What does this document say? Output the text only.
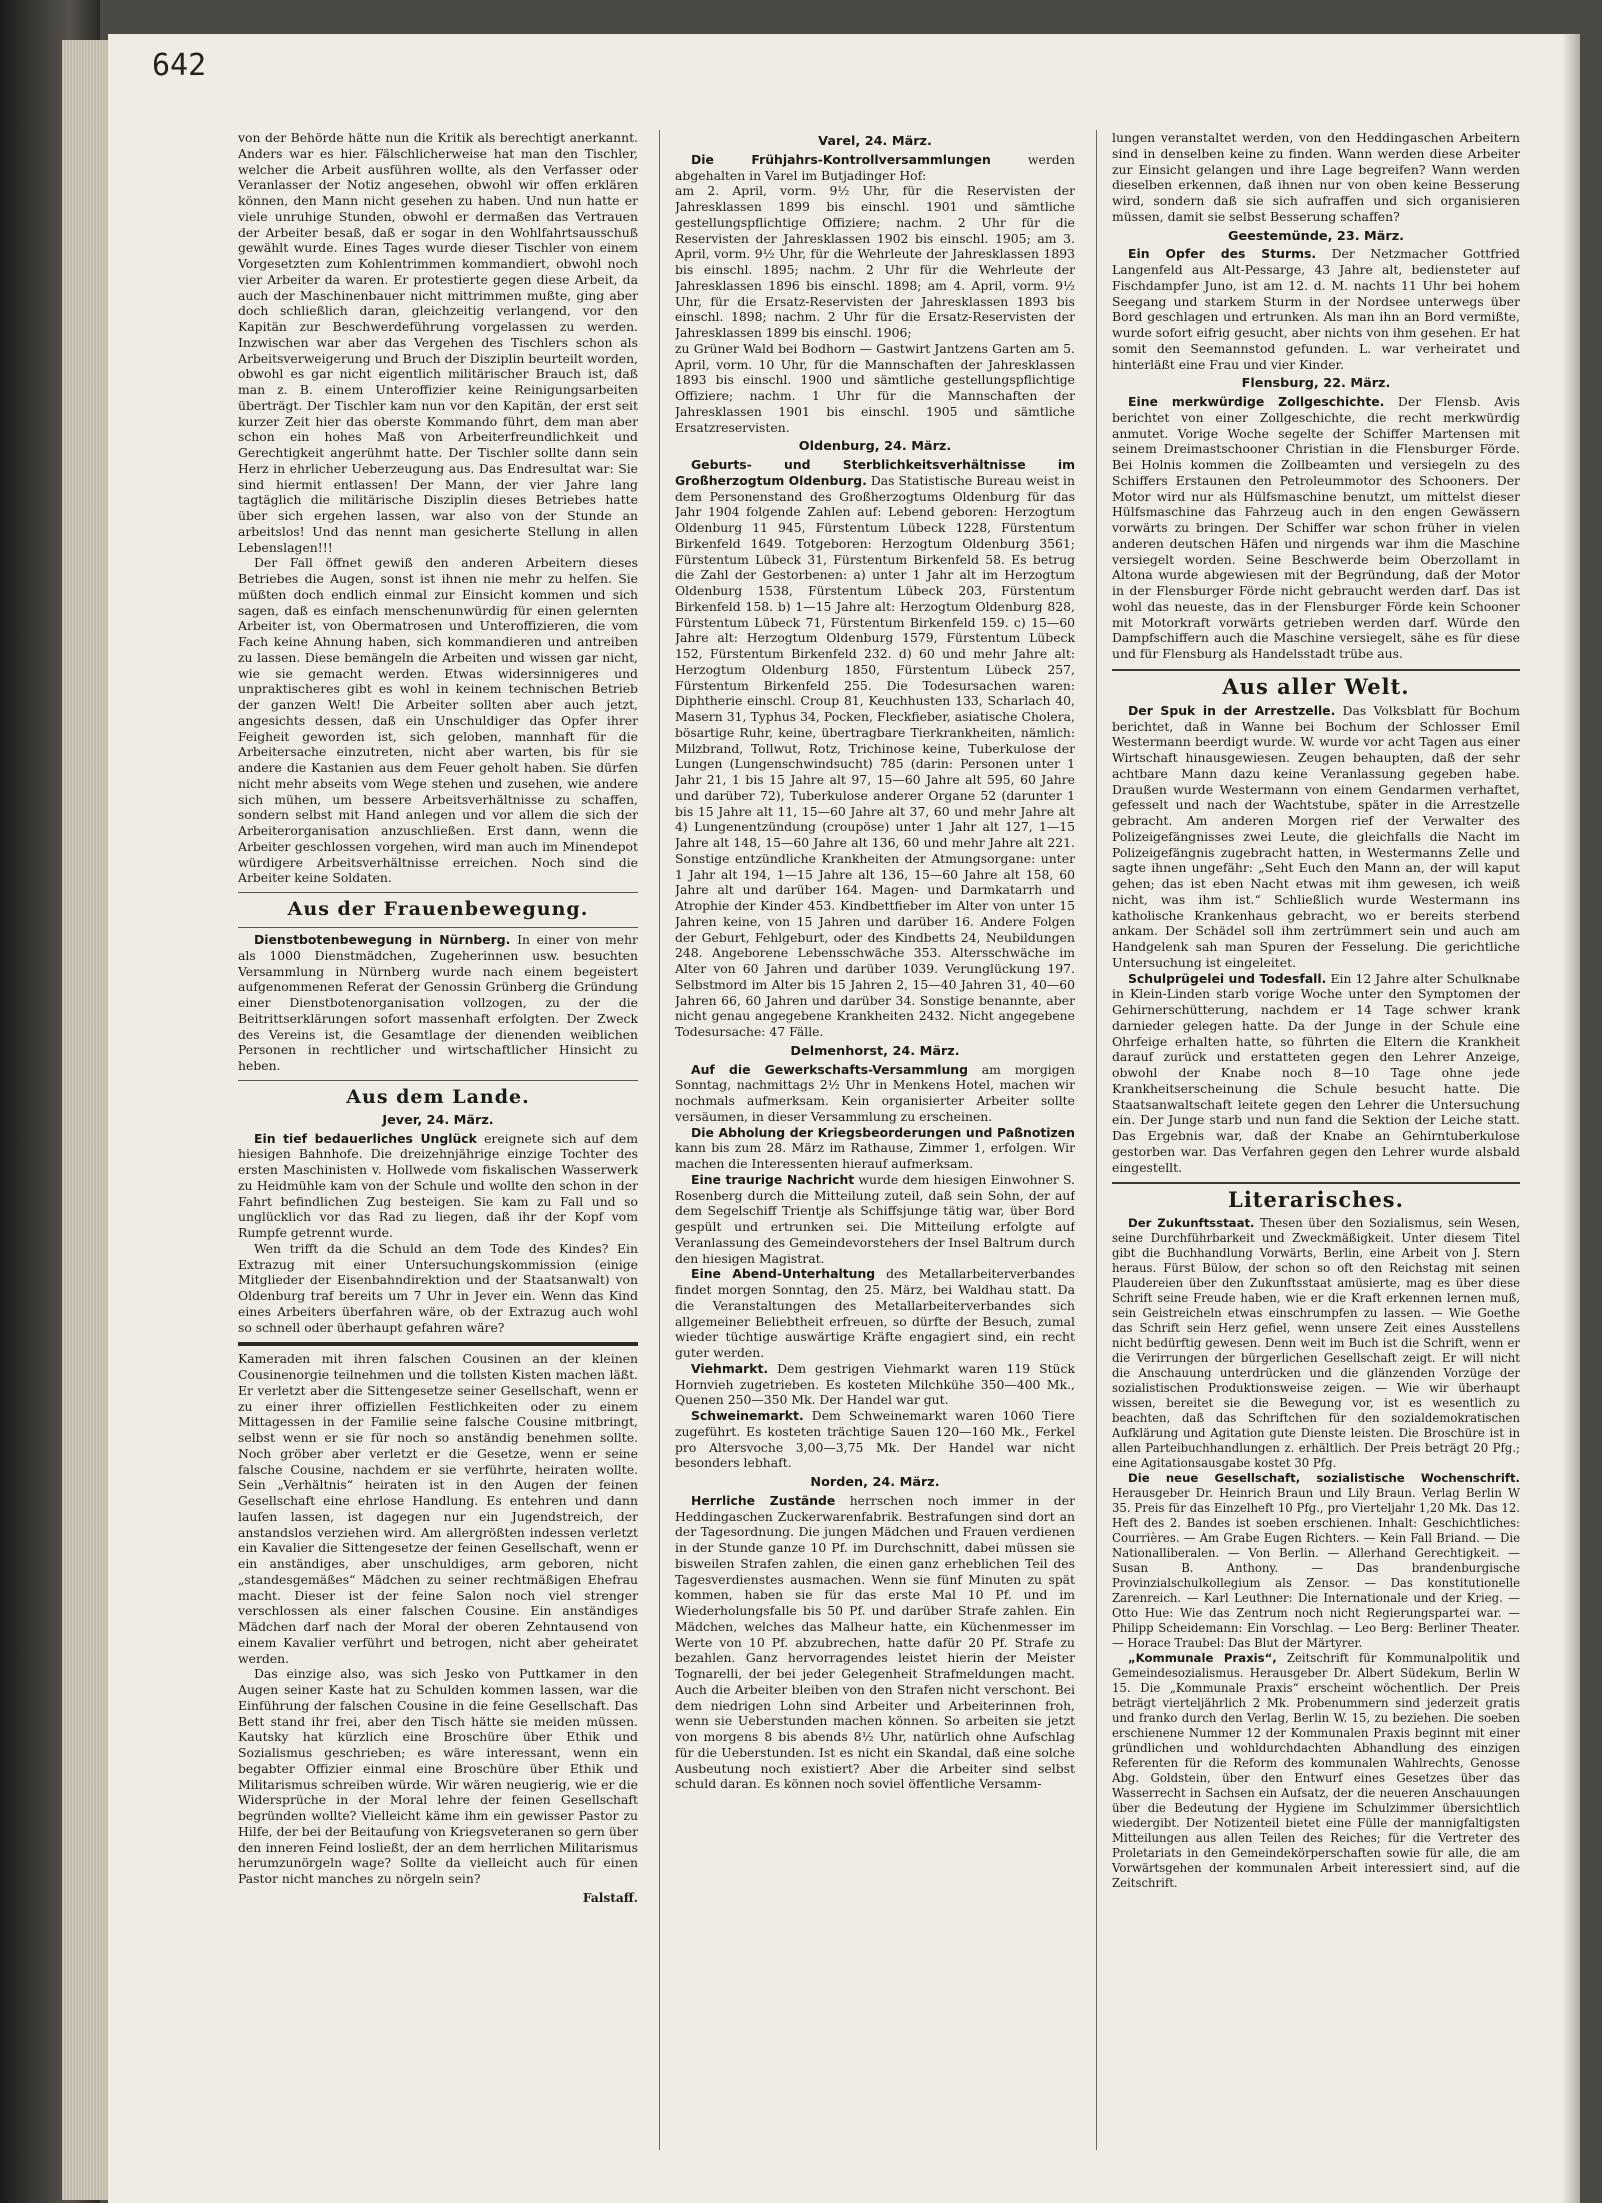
642

von der Behörde hätte nun die Kritik als berechtigt anerkannt. Anders war es hier. Fälschlicherweise hat man den Tischler, welcher die Arbeit ausführen wollte, als den Verfasser oder Veranlasser der Notiz angesehen, obwohl wir offen erklären können, den Mann nicht gesehen zu haben. Und nun hatte er viele unruhige Stunden, obwohl er dermaßen das Vertrauen der Arbeiter besaß, daß er sogar in den Wohlfahrtsausschuß gewählt wurde. Eines Tages wurde dieser Tischler von einem Vorgesetzten zum Kohlentrimmen kommandiert, obwohl noch vier Arbeiter da waren. Er protestierte gegen diese Arbeit, da auch der Maschinenbauer nicht mittrimmen mußte, ging aber doch schließlich daran, gleichzeitig verlangend, vor den Kapitän zur Beschwerdeführung vorgelassen zu werden. Inzwischen war aber das Vergehen des Tischlers schon als Arbeitsverweigerung und Bruch der Disziplin beurteilt worden, obwohl es gar nicht eigentlich militärischer Brauch ist, daß man z. B. einem Unteroffizier keine Reinigungsarbeiten überträgt. Der Tischler kam nun vor den Kapitän, der erst seit kurzer Zeit hier das oberste Kommando führt, dem man aber schon ein hohes Maß von Arbeiterfreundlichkeit und Gerechtigkeit angerühmt hatte. Der Tischler sollte dann sein Herz in ehrlicher Ueberzeugung aus. Das Endresultat war: Sie sind hiermit entlassen! Der Mann, der vier Jahre lang tagtäglich die militärische Disziplin dieses Betriebes hatte über sich ergehen lassen, war also von der Stunde an arbeitslos! Und das nennt man gesicherte Stellung in allen Lebenslagen!!!

Der Fall öffnet gewiß den anderen Arbeitern dieses Betriebes die Augen, sonst ist ihnen nie mehr zu helfen. Sie müßten doch endlich einmal zur Einsicht kommen und sich sagen, daß es einfach menschenunwürdig für einen gelernten Arbeiter ist, von Obermatrosen und Unteroffizieren, die vom Fach keine Ahnung haben, sich kommandieren und antreiben zu lassen. Diese bemängeln die Arbeiten und wissen gar nicht, wie sie gemacht werden. Etwas widersinnigeres und unpraktischeres gibt es wohl in keinem technischen Betrieb der ganzen Welt! Die Arbeiter sollten aber auch jetzt, angesichts dessen, daß ein Unschuldiger das Opfer ihrer Feigheit geworden ist, sich geloben, mannhaft für die Arbeitersache einzutreten, nicht aber warten, bis für sie andere die Kastanien aus dem Feuer geholt haben. Sie dürfen nicht mehr abseits vom Wege stehen und zusehen, wie andere sich mühen, um bessere Arbeitsverhältnisse zu schaffen, sondern selbst mit Hand anlegen und vor allem die sich der Arbeiterorganisation anzuschließen. Erst dann, wenn die Arbeiter geschlossen vorgehen, wird man auch im Minendepot würdigere Arbeitsverhältnisse erreichen. Noch sind die Arbeiter keine Soldaten.

Aus der Frauenbewegung.

Dienstbotenbewegung in Nürnberg. In einer von mehr als 1000 Dienstmädchen, Zugeherinnen usw. besuchten Versammlung in Nürnberg wurde nach einem begeistert aufgenommenen Referat der Genossin Grünberg die Gründung einer Dienstbotenorganisation vollzogen, zu der die Beitrittserklärungen sofort massenhaft erfolgten. Der Zweck des Vereins ist, die Gesamtlage der dienenden weiblichen Personen in rechtlicher und wirtschaftlicher Hinsicht zu heben.

Aus dem Lande.
Jever, 24. März.

Ein tief bedauerliches Unglück ereignete sich auf dem hiesigen Bahnhofe. Die dreizehnjährige einzige Tochter des ersten Maschinisten v. Hollwede vom fiskalischen Wasserwerk zu Heidmühle kam von der Schule und wollte den schon in der Fahrt befindlichen Zug besteigen. Sie kam zu Fall und so unglücklich vor das Rad zu liegen, daß ihr der Kopf vom Rumpfe getrennt wurde.

Wen trifft da die Schuld an dem Tode des Kindes? Ein Extrazug mit einer Untersuchungskommission (einige Mitglieder der Eisenbahndirektion und der Staatsanwalt) von Oldenburg traf bereits um 7 Uhr in Jever ein. Wenn das Kind eines Arbeiters überfahren wäre, ob der Extrazug auch wohl so schnell oder überhaupt gefahren wäre?

Kameraden mit ihren falschen Cousinen an der kleinen Cousinenorgie teilnehmen und die tollsten Kisten machen läßt. Er verletzt aber die Sittengesetze seiner Gesellschaft, wenn er zu einer ihrer offiziellen Festlichkeiten oder zu einem Mittagessen in der Familie seine falsche Cousine mitbringt, selbst wenn er sie für noch so anständig benehmen sollte. Noch gröber aber verletzt er die Gesetze, wenn er seine falsche Cousine, nachdem er sie verführte, heiraten wollte. Sein „Verhältnis“ heiraten ist in den Augen der feinen Gesellschaft eine ehrlose Handlung. Es entehren und dann laufen lassen, ist dagegen nur ein Jugendstreich, der anstandslos verziehen wird. Am allergrößten indessen verletzt ein Kavalier die Sittengesetze der feinen Gesellschaft, wenn er ein anständiges, aber unschuldiges, arm geboren, nicht „standesgemäßes“ Mädchen zu seiner rechtmäßigen Ehefrau macht. Dieser ist der feine Salon noch viel strenger verschlossen als einer falschen Cousine. Ein anständiges Mädchen darf nach der Moral der oberen Zehntausend von einem Kavalier verführt und betrogen, nicht aber geheiratet werden.

Das einzige also, was sich Jesko von Puttkamer in den Augen seiner Kaste hat zu Schulden kommen lassen, war die Einführung der falschen Cousine in die feine Gesellschaft. Das Bett stand ihr frei, aber den Tisch hätte sie meiden müssen. Kautsky hat kürzlich eine Broschüre über Ethik und Sozialismus geschrieben; es wäre interessant, wenn ein begabter Offizier einmal eine Broschüre über Ethik und Militarismus schreiben würde. Wir wären neugierig, wie er die Widersprüche in der Moral lehre der feinen Gesellschaft begründen wollte? Vielleicht käme ihm ein gewisser Pastor zu Hilfe, der bei der Beitaufung von Kriegsveteranen so gern über den inneren Feind losließt, der an dem herrlichen Militarismus herumzunörgeln wage? Sollte da vielleicht auch für einen Pastor nicht manches zu nörgeln sein?

Falstaff.
Varel, 24. März.

Die Frühjahrs-Kontrollversammlungen	werden abgehalten in Varel im Butjadinger Hof:

am 2. April, vorm. 9½ Uhr, für die Reservisten der Jahresklassen 1899 bis einschl. 1901 und sämtliche gestellungspflichtige Offiziere; nachm. 2 Uhr für die Reservisten der Jahresklassen 1902 bis einschl. 1905; am 3. April, vorm. 9½ Uhr, für die Wehrleute der Jahresklassen 1893 bis einschl. 1895; nachm. 2 Uhr für die Wehrleute der Jahresklassen 1896 bis einschl. 1898; am 4. April, vorm. 9½ Uhr, für die Ersatz-Reservisten der Jahresklassen 1893 bis einschl. 1898; nachm. 2 Uhr für die Ersatz-Reservisten der Jahresklassen 1899 bis einschl. 1906;

zu Grüner Wald bei Bodhorn — Gastwirt Jantzens Garten am 5. April, vorm. 10 Uhr, für die Mannschaften der Jahresklassen 1893 bis einschl. 1900 und sämtliche gestellungspflichtige Offiziere; nachm. 1 Uhr für die Mannschaften der Jahresklassen 1901 bis einschl. 1905 und sämtliche Ersatzreservisten.

Oldenburg, 24. März.

Geburts- und Sterblichkeitsverhältnisse im Großherzogtum Oldenburg. Das Statistische Bureau weist in dem Personenstand des Großherzogtums Oldenburg für das Jahr 1904 folgende Zahlen auf: Lebend geboren: Herzogtum Oldenburg 11 945, Fürstentum Lübeck 1228, Fürstentum Birkenfeld 1649. Totgeboren: Herzogtum Oldenburg 3561; Fürstentum Lübeck 31, Fürstentum Birkenfeld 58. Es betrug die Zahl der Gestorbenen: a) unter 1 Jahr alt im Herzogtum Oldenburg 1538, Fürstentum Lübeck 203, Fürstentum Birkenfeld 158. b) 1—15 Jahre alt: Herzogtum Oldenburg 828, Fürstentum Lübeck 71, Fürstentum Birkenfeld 159. c) 15—60 Jahre alt: Herzogtum Oldenburg 1579, Fürstentum Lübeck 152, Fürstentum Birkenfeld 232. d) 60 und mehr Jahre alt: Herzogtum Oldenburg 1850, Fürstentum Lübeck 257, Fürstentum Birkenfeld 255. Die Todesursachen waren: Diphtherie einschl. Croup 81, Keuchhusten 133, Scharlach 40, Masern 31, Typhus 34, Pocken, Fleckfieber, asiatische Cholera, bösartige Ruhr, keine, übertragbare Tierkrankheiten, nämlich: Milzbrand, Tollwut, Rotz, Trichinose keine, Tuberkulose der Lungen (Lungenschwindsucht) 785 (darin: Personen unter 1 Jahr 21, 1 bis 15 Jahre alt 97, 15—60 Jahre alt 595, 60 Jahre und darüber 72), Tuberkulose anderer Organe 52 (darunter 1 bis 15 Jahre alt 11, 15—60 Jahre alt 37, 60 und mehr Jahre alt 4) Lungenentzündung (croupöse) unter 1 Jahr alt 127, 1—15 Jahre alt 148, 15—60 Jahre alt 136, 60 und mehr Jahre alt 221. Sonstige entzündliche Krankheiten der Atmungsorgane: unter 1 Jahr alt 194, 1—15 Jahre alt 136, 15—60 Jahre alt 158, 60 Jahre alt und darüber 164. Magen- und Darmkatarrh und Atrophie der Kinder 453. Kindbettfieber im Alter von unter 15 Jahren keine, von 15 Jahren und darüber 16. Andere Folgen der Geburt, Fehlgeburt, oder des Kindbetts 24, Neubildungen 248. Angeborene Lebensschwäche 353. Altersschwäche im Alter von 60 Jahren und darüber 1039. Verunglückung 197. Selbstmord im Alter bis 15 Jahren 2, 15—40 Jahren 31, 40—60 Jahren 66, 60 Jahren und darüber 34. Sonstige benannte, aber nicht genau angegebene Krankheiten 2432. Nicht angegebene Todesursache: 47 Fälle.

Delmenhorst, 24. März.

Auf die Gewerkschafts-Versammlung am morgigen Sonntag, nachmittags 2½ Uhr in Menkens Hotel, machen wir nochmals aufmerksam. Kein organisierter Arbeiter sollte versäumen, in dieser Versammlung zu erscheinen.

Die Abholung der Kriegsbeorderungen und Paßnotizen kann bis zum 28. März im Rathause, Zimmer 1, erfolgen. Wir machen die Interessenten hierauf aufmerksam.

Eine traurige Nachricht wurde dem hiesigen Einwohner S. Rosenberg durch die Mitteilung zuteil, daß sein Sohn, der auf dem Segelschiff Trientje als Schiffsjunge tätig war, über Bord gespült und ertrunken sei. Die Mitteilung erfolgte auf Veranlassung des Gemeindevorstehers der Insel Baltrum durch den hiesigen Magistrat.

Eine Abend-Unterhaltung des Metallarbeiterverbandes findet morgen Sonntag, den 25. März, bei Waldhau statt. Da die Veranstaltungen des Metallarbeiterverbandes sich allgemeiner Beliebtheit erfreuen, so dürfte der Besuch, zumal wieder tüchtige auswärtige Kräfte engagiert sind, ein recht guter werden.

Viehmarkt. Dem gestrigen Viehmarkt waren 119 Stück Hornvieh zugetrieben. Es kosteten Milchkühe 350—400 Mk., Quenen 250—350 Mk. Der Handel war gut.

Schweinemarkt. Dem Schweinemarkt waren 1060 Tiere zugeführt. Es kosteten trächtige Sauen 120—160 Mk., Ferkel pro Altersvoche 3,00—3,75 Mk. Der Handel war nicht besonders lebhaft.

Norden, 24. März.

Herrliche Zustände herrschen noch immer in der Heddingaschen Zuckerwarenfabrik. Bestrafungen sind dort an der Tagesordnung. Die jungen Mädchen und Frauen verdienen in der Stunde ganze 10 Pf. im Durchschnitt, dabei müssen sie bisweilen Strafen zahlen, die einen ganz erheblichen Teil des Tagesverdienstes ausmachen. Wenn sie fünf Minuten zu spät kommen, haben sie für das erste Mal 10 Pf. und im Wiederholungsfalle bis 50 Pf. und darüber Strafe zahlen. Ein Mädchen, welches das Malheur hatte, ein Küchenmesser im Werte von 10 Pf. abzubrechen, hatte dafür 20 Pf. Strafe zu bezahlen. Ganz hervorragendes leistet hierin der Meister Tognarelli, der bei jeder Gelegenheit Strafmeldungen macht. Auch die Arbeiter bleiben von den Strafen nicht verschont. Bei dem niedrigen Lohn sind Arbeiter und Arbeiterinnen froh, wenn sie Ueberstunden machen können. So arbeiten sie jetzt von morgens 8 bis abends 8½ Uhr, natürlich ohne Aufschlag für die Ueberstunden. Ist es nicht ein Skandal, daß eine solche Ausbeutung noch existiert? Aber die Arbeiter sind selbst schuld daran. Es können noch soviel öffentliche Versamm-

lungen veranstaltet werden, von den Heddingaschen Arbeitern sind in denselben keine zu finden. Wann werden diese Arbeiter zur Einsicht gelangen und ihre Lage begreifen? Wann werden dieselben erkennen, daß ihnen nur von oben keine Besserung wird, sondern daß sie sich aufraffen und sich organisieren müssen, damit sie selbst Besserung schaffen?

Geestemünde, 23. März.

Ein Opfer des Sturms. Der Netzmacher Gottfried Langenfeld aus Alt-Pessarge, 43 Jahre alt, bediensteter auf Fischdampfer Juno, ist am 12. d. M. nachts 11 Uhr bei hohem Seegang und starkem Sturm in der Nordsee unterwegs über Bord geschlagen und ertrunken. Als man ihn an Bord vermißte, wurde sofort eifrig gesucht, aber nichts von ihm gesehen. Er hat somit den Seemannstod gefunden. L. war verheiratet und hinterläßt eine Frau und vier Kinder.

Flensburg, 22. März.

Eine merkwürdige Zollgeschichte. Der Flensb. Avis berichtet von einer Zollgeschichte, die recht merkwürdig anmutet. Vorige Woche segelte der Schiffer Martensen mit seinem Dreimastschooner Christian in die Flensburger Förde. Bei Holnis kommen die Zollbeamten und versiegeln zu des Schiffers Erstaunen den Petroleummotor des Schooners. Der Motor wird nur als Hülfsmaschine benutzt, um mittelst dieser Hülfsmaschine das Fahrzeug auch in den engen Gewässern vorwärts zu bringen. Der Schiffer war schon früher in vielen anderen deutschen Häfen und nirgends war ihm die Maschine versiegelt worden. Seine Beschwerde beim Oberzollamt in Altona wurde abgewiesen mit der Begründung, daß der Motor in der Flensburger Förde nicht gebraucht werden darf. Das ist wohl das neueste, das in der Flensburger Förde kein Schooner mit Motorkraft vorwärts getrieben werden darf. Würde den Dampfschiffern auch die Maschine versiegelt, sähe es für diese und für Flensburg als Handelsstadt trübe aus.

Aus aller Welt.

Der Spuk in der Arrestzelle. Das Volksblatt für Bochum berichtet, daß in Wanne bei Bochum der Schlosser Emil Westermann beerdigt wurde. W. wurde vor acht Tagen aus einer Wirtschaft hinausgewiesen. Zeugen behaupten, daß der sehr achtbare Mann dazu keine Veranlassung gegeben habe. Draußen wurde Westermann von einem Gendarmen verhaftet, gefesselt und nach der Wachtstube, später in die Arrestzelle gebracht. Am anderen Morgen rief der Verwalter des Polizeigefängnisses zwei Leute, die gleichfalls die Nacht im Polizeigefängnis zugebracht hatten, in Westermanns Zelle und sagte ihnen ungefähr: „Seht Euch den Mann an, der will kaput gehen; das ist eben Nacht etwas mit ihm gewesen, ich weiß nicht, was ihm ist.“ Schließlich wurde Westermann ins katholische Krankenhaus gebracht, wo er bereits sterbend ankam. Der Schädel soll ihm zertrümmert sein und auch am Handgelenk sah man Spuren der Fesselung. Die gerichtliche Untersuchung ist eingeleitet.

Schulprügelei und Todesfall. Ein 12 Jahre alter Schulknabe in Klein-Linden starb vorige Woche unter den Symptomen der Gehirnerschütterung, nachdem er 14 Tage schwer krank darnieder gelegen hatte. Da der Junge in der Schule eine Ohrfeige erhalten hatte, so führten die Eltern die Krankheit darauf zurück und erstatteten gegen den Lehrer Anzeige, obwohl der Knabe noch 8—10 Tage ohne jede Krankheitserscheinung die Schule besucht hatte. Die Staatsanwaltschaft leitete gegen den Lehrer die Untersuchung ein. Der Junge starb und nun fand die Sektion der Leiche statt. Das Ergebnis war, daß der Knabe an Gehirntuberkulose gestorben war. Das Verfahren gegen den Lehrer wurde alsbald eingestellt.

Literarisches.

Der Zukunftsstaat. Thesen über den Sozialismus, sein Wesen, seine Durchführbarkeit und Zweckmäßigkeit. Unter diesem Titel gibt die Buchhandlung Vorwärts, Berlin, eine Arbeit von J. Stern heraus. Fürst Bülow, der schon so oft den Reichstag mit seinen Plaudereien über den Zukunftsstaat amüsierte, mag es über diese Schrift seine Freude haben, wie er die Kraft erkennen lernen muß, sein Geistreicheln etwas einschrumpfen zu lassen. — Wie Goethe das Schrift sein Herz gefiel, wenn unsere Zeit eines Ausstellens nicht bedürftig gewesen. Denn weit im Buch ist die Schrift, wenn er die Verirrungen der bürgerlichen Gesellschaft zeigt. Er will nicht die Anschauung unterdrücken und die glänzenden Vorzüge der sozialistischen Produktionsweise zeigen. — Wie wir überhaupt wissen, bereitet sie die Bewegung vor, ist es wesentlich zu beachten, daß das Schriftchen für den sozialdemokratischen Aufklärung und Agitation gute Dienste leisten. Die Broschüre ist in allen Parteibuchhandlungen z. erhältlich. Der Preis beträgt 20 Pfg.; eine Agitationsausgabe kostet 30 Pfg.

Die neue Gesellschaft, sozialistische Wochenschrift. Herausgeber Dr. Heinrich Braun und Lily Braun. Verlag Berlin W 35. Preis für das Einzelheft 10 Pfg., pro Vierteljahr 1,20 Mk. Das 12. Heft des 2. Bandes ist soeben erschienen. Inhalt: Geschichtliches: Courrières. — Am Grabe Eugen Richters. — Kein Fall Briand. — Die Nationalliberalen. — Von Berlin. — Allerhand Gerechtigkeit. — Susan B. Anthony. — Das brandenburgische Provinzialschulkollegium als Zensor. — Das konstitutionelle Zarenreich. — Karl Leuthner: Die Internationale und der Krieg. — Otto Hue: Wie das Zentrum noch nicht Regierungspartei war. — Philipp Scheidemann: Ein Vorschlag. — Leo Berg: Berliner Theater. — Horace Traubel: Das Blut der Märtyrer.

„Kommunale Praxis“, Zeitschrift für Kommunalpolitik und Gemeindesozialismus. Herausgeber Dr. Albert Südekum, Berlin W 15. Die „Kommunale Praxis“ erscheint wöchentlich. Der Preis beträgt vierteljährlich 2 Mk. Probenummern sind jederzeit gratis und franko durch den Verlag, Berlin W. 15, zu beziehen. Die soeben erschienene Nummer 12 der Kommunalen Praxis beginnt mit einer gründlichen und wohldurchdachten Abhandlung des einzigen Referenten für die Reform des kommunalen Wahlrechts, Genosse Abg. Goldstein, über den Entwurf eines Gesetzes über das Wasserrecht in Sachsen ein Aufsatz, der die neueren Anschauungen über die Bedeutung der Hygiene im Schulzimmer übersichtlich wiedergibt. Der Notizenteil bietet eine Fülle der mannigfaltigsten Mitteilungen aus allen Teilen des Reiches; für die Vertreter des Proletariats in den Gemeindekörperschaften sowie für alle, die am Vorwärtsgehen der kommunalen Arbeit interessiert sind, auf die Zeitschrift.
